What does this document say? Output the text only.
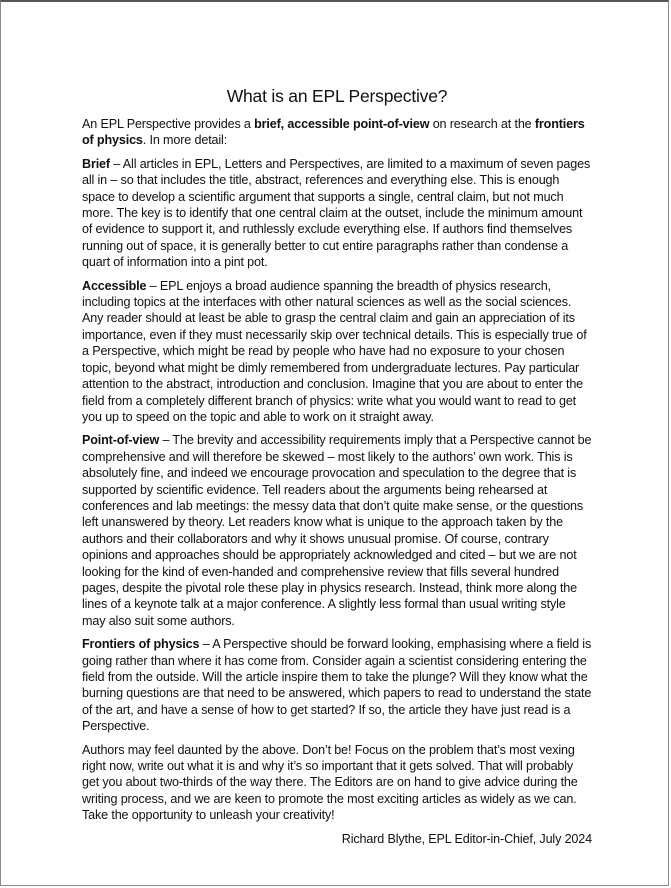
What is an EPL Perspective?

An EPL Perspective provides a brief, accessible point-of-view on research at the frontiers of physics. In more detail:

Brief – All articles in EPL, Letters and Perspectives, are limited to a maximum of seven pages all in – so that includes the title, abstract, references and everything else. This is enough space to develop a scientific argument that supports a single, central claim, but not much more. The key is to identify that one central claim at the outset, include the minimum amount of evidence to support it, and ruthlessly exclude everything else. If authors find themselves running out of space, it is generally better to cut entire paragraphs rather than condense a quart of information into a pint pot.

Accessible – EPL enjoys a broad audience spanning the breadth of physics research, including topics at the interfaces with other natural sciences as well as the social sciences. Any reader should at least be able to grasp the central claim and gain an appreciation of its importance, even if they must necessarily skip over technical details. This is especially true of a Perspective, which might be read by people who have had no exposure to your chosen topic, beyond what might be dimly remembered from undergraduate lectures. Pay particular attention to the abstract, introduction and conclusion. Imagine that you are about to enter the field from a completely different branch of physics: write what you would want to read to get you up to speed on the topic and able to work on it straight away.

Point-of-view – The brevity and accessibility requirements imply that a Perspective cannot be comprehensive and will therefore be skewed – most likely to the authors’ own work. This is absolutely fine, and indeed we encourage provocation and speculation to the degree that is supported by scientific evidence. Tell readers about the arguments being rehearsed at conferences and lab meetings: the messy data that don’t quite make sense, or the questions left unanswered by theory. Let readers know what is unique to the approach taken by the authors and their collaborators and why it shows unusual promise. Of course, contrary opinions and approaches should be appropriately acknowledged and cited – but we are not looking for the kind of even-handed and comprehensive review that fills several hundred pages, despite the pivotal role these play in physics research. Instead, think more along the lines of a keynote talk at a major conference. A slightly less formal than usual writing style may also suit some authors.

Frontiers of physics – A Perspective should be forward looking, emphasising where a field is going rather than where it has come from. Consider again a scientist considering entering the field from the outside. Will the article inspire them to take the plunge? Will they know what the burning questions are that need to be answered, which papers to read to understand the state of the art, and have a sense of how to get started? If so, the article they have just read is a Perspective.

Authors may feel daunted by the above. Don’t be! Focus on the problem that’s most vexing right now, write out what it is and why it’s so important that it gets solved. That will probably get you about two-thirds of the way there. The Editors are on hand to give advice during the writing process, and we are keen to promote the most exciting articles as widely as we can. Take the opportunity to unleash your creativity!

Richard Blythe, EPL Editor-in-Chief, July 2024
